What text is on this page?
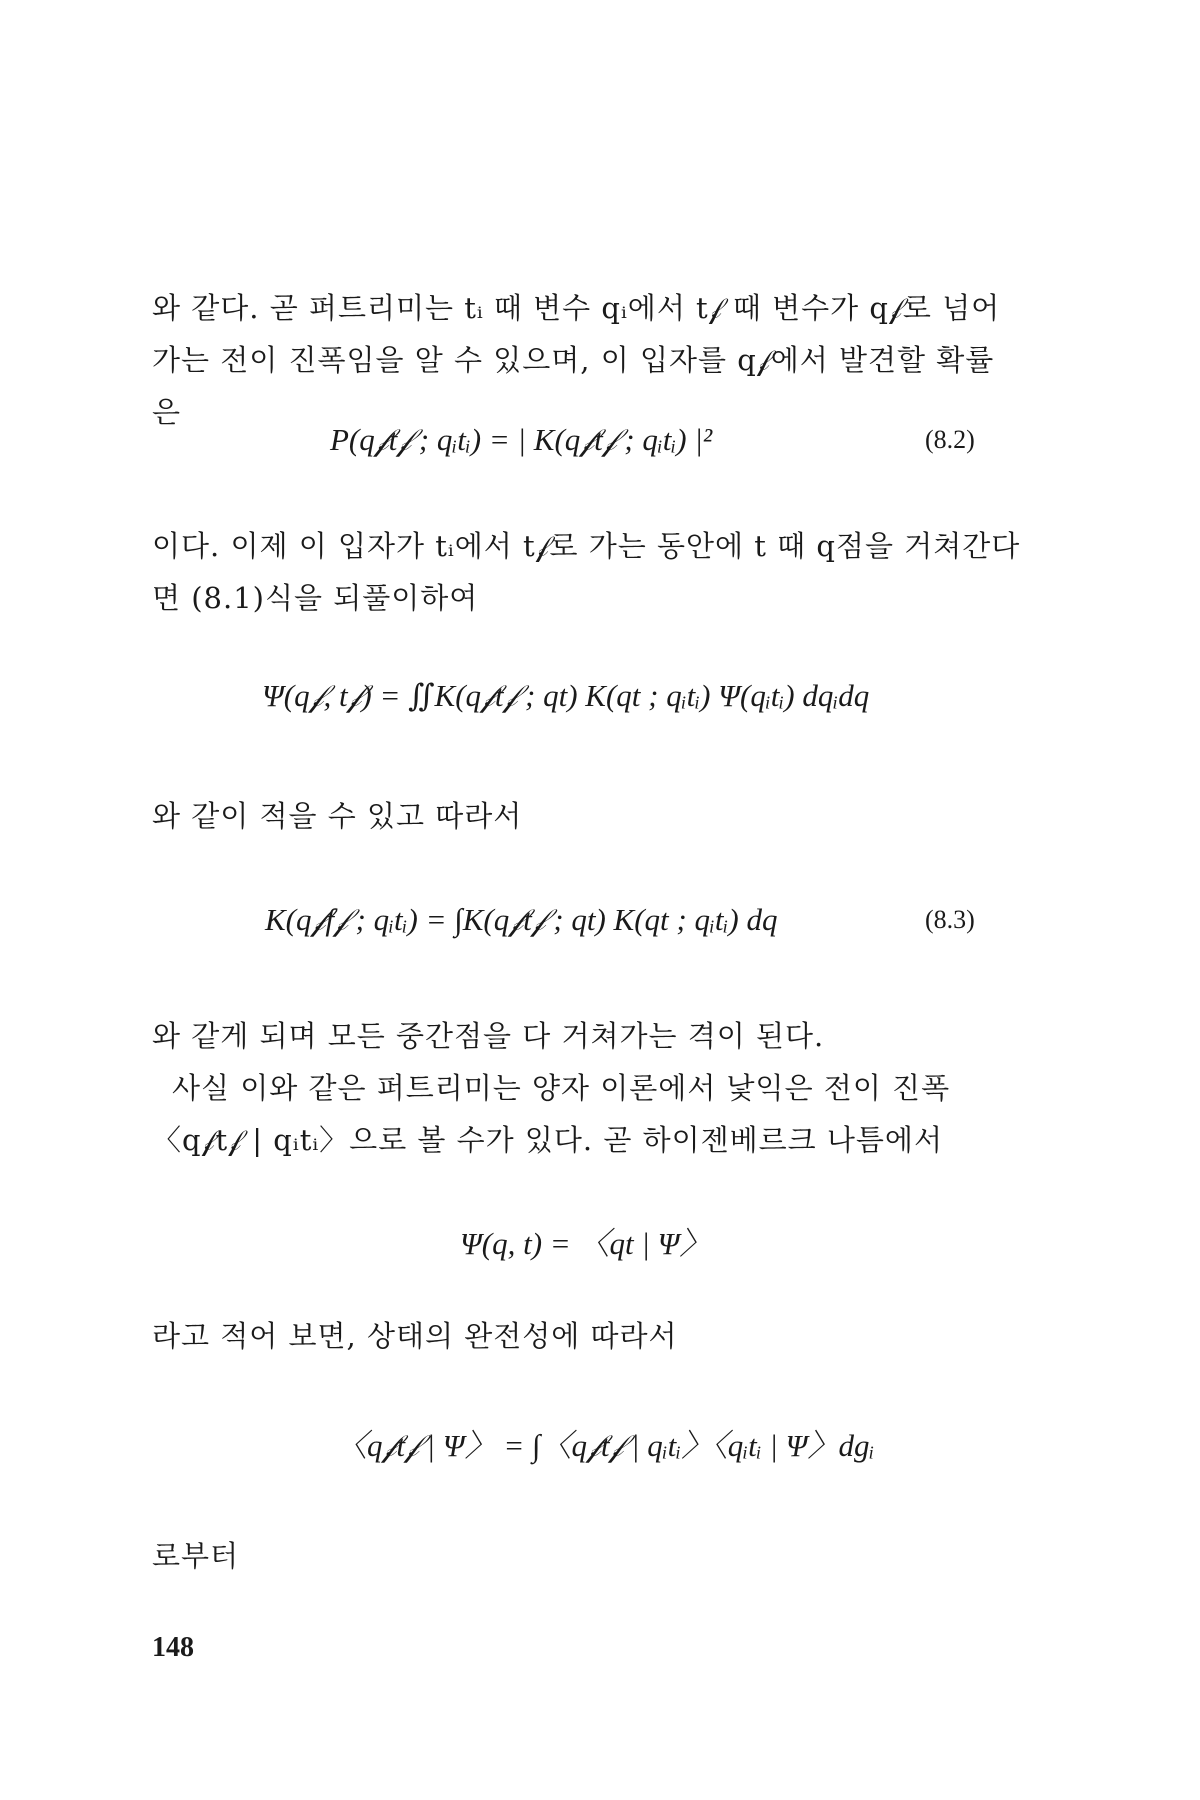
와 같다. 곧 퍼트리미는 tᵢ 때 변수 qᵢ에서 t𝒻 때 변수가 q𝒻로 넘어가는 전이 진폭임을 알 수 있으며, 이 입자를 q𝒻에서 발견할 확률은
P(q𝒻t𝒻 ; qᵢtᵢ) = | K(q𝒻t𝒻 ; qᵢtᵢ) |²	(8.2)
이다. 이제 이 입자가 tᵢ에서 t𝒻로 가는 동안에 t 때 q점을 거쳐간다면 (8.1)식을 되풀이하여
Ψ(q𝒻, t𝒻) = ∬K(q𝒻t𝒻 ; qt) K(qt ; qᵢtᵢ) Ψ(qᵢtᵢ) dqᵢdq
와 같이 적을 수 있고 따라서
K(q𝒻f𝒻 ; qᵢtᵢ) = ∫K(q𝒻t𝒻 ; qt) K(qt ; qᵢtᵢ) dq	(8.3)
와 같게 되며 모든 중간점을 다 거쳐가는 격이 된다.
사실 이와 같은 퍼트리미는 양자 이론에서 낯익은 전이 진폭 〈q𝒻t𝒻 | qᵢtᵢ〉으로 볼 수가 있다. 곧 하이젠베르크 나틈에서
Ψ(q, t) = 〈qt | Ψ〉
라고 적어 보면, 상태의 완전성에 따라서
〈q𝒻t𝒻 | Ψ〉 = ∫〈q𝒻t𝒻 | qᵢtᵢ〉〈qᵢtᵢ | Ψ〉dgᵢ
로부터
148
